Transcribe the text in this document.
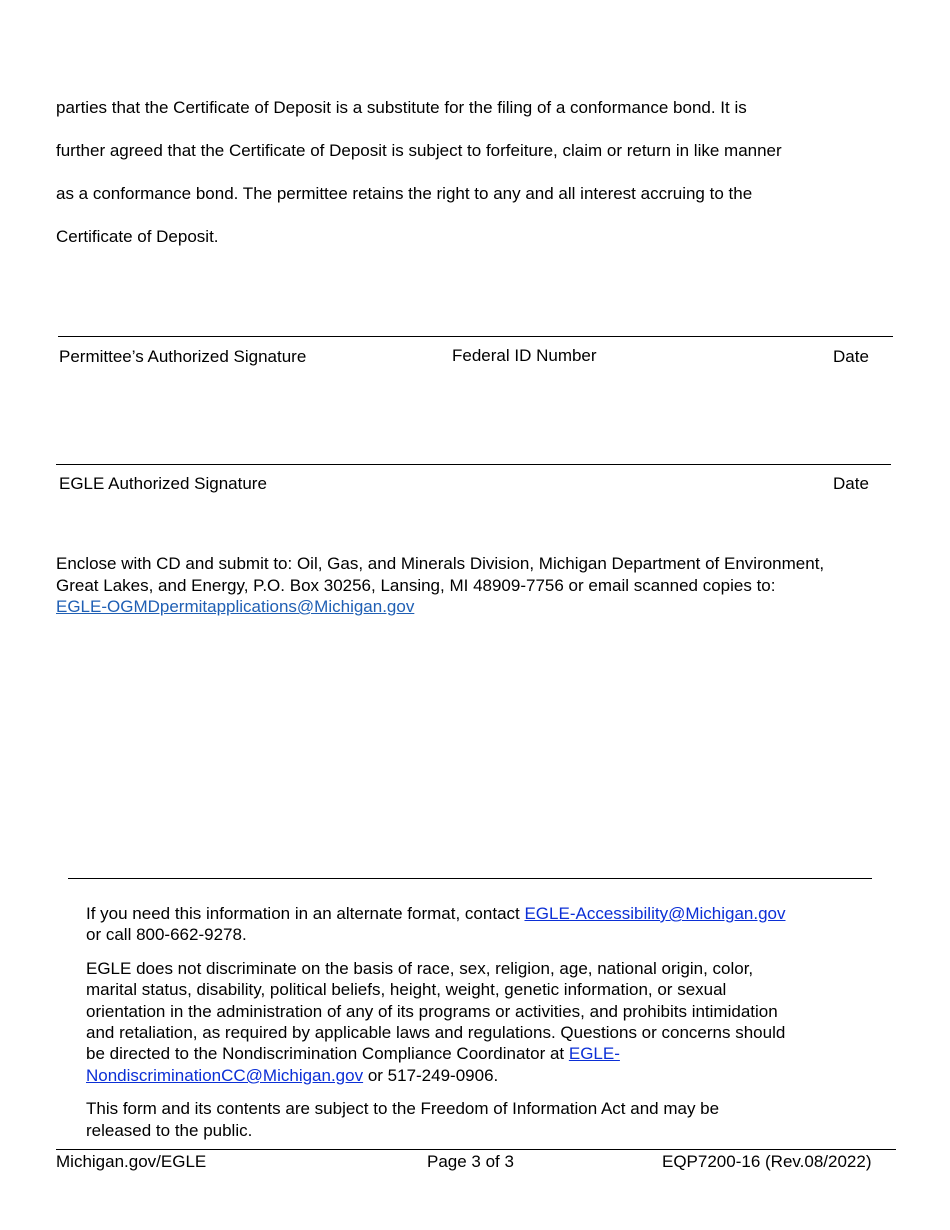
parties that the Certificate of Deposit is a substitute for the filing of a conformance bond. It is
further agreed that the Certificate of Deposit is subject to forfeiture, claim or return in like manner
as a conformance bond. The permittee retains the right to any and all interest accruing to the
Certificate of Deposit.
Permittee’s Authorized Signature	Federal ID Number	Date
EGLE Authorized Signature	Date
Enclose with CD and submit to: Oil, Gas, and Minerals Division, Michigan Department of Environment,
Great Lakes, and Energy, P.O. Box 30256, Lansing, MI 48909-7756 or email scanned copies to:
EGLE-OGMDpermitapplications@Michigan.gov

If you need this information in an alternate format, contact EGLE-Accessibility@Michigan.gov
or call 800-662-9278.

EGLE does not discriminate on the basis of race, sex, religion, age, national origin, color,
marital status, disability, political beliefs, height, weight, genetic information, or sexual
orientation in the administration of any of its programs or activities, and prohibits intimidation
and retaliation, as required by applicable laws and regulations. Questions or concerns should
be directed to the Nondiscrimination Compliance Coordinator at EGLE-
NondiscriminationCC@Michigan.gov or 517-249-0906.

This form and its contents are subject to the Freedom of Information Act and may be
released to the public.

Michigan.gov/EGLE	Page 3 of 3	EQP7200-16 (Rev.08/2022)
